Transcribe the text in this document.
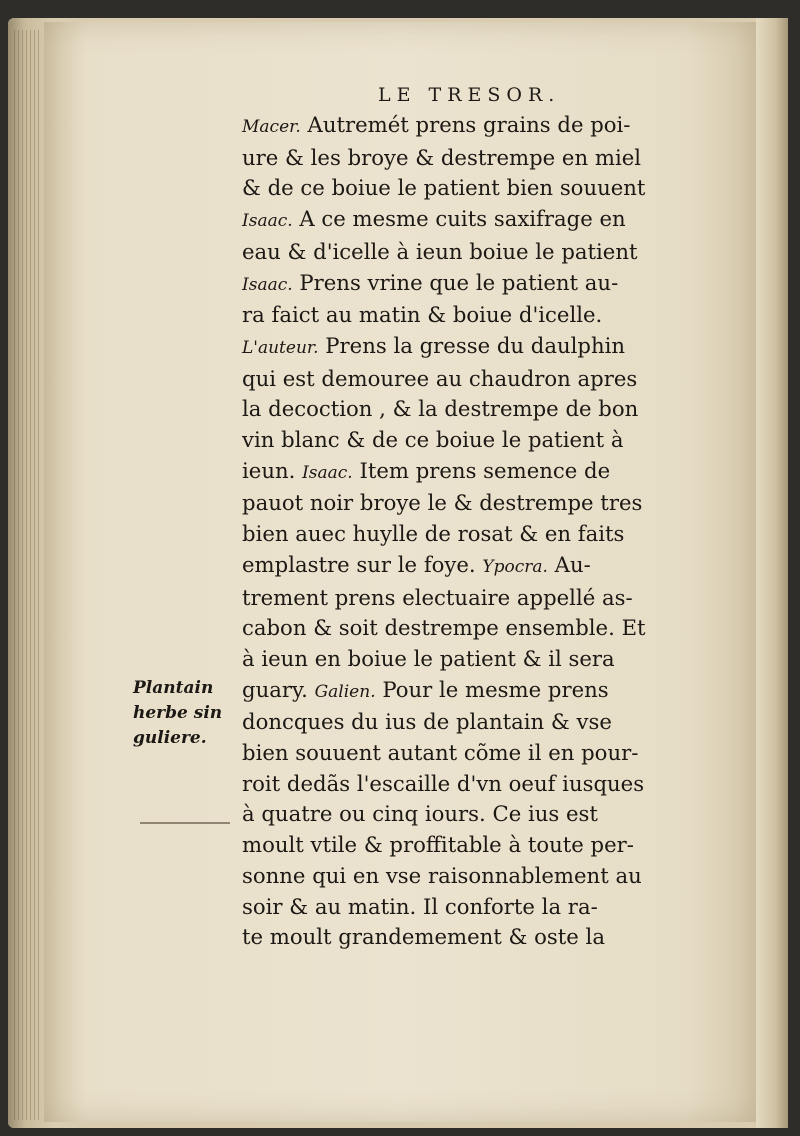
LE TRESOR.
Macer. Autremét prens grains de poi-
ure & les broye & destrempe en miel
& de ce boiue le patient bien souuent
Isaac. A ce mesme cuits saxifrage en
eau & d'icelle à ieun boiue le patient
Isaac. Prens vrine que le patient au-
ra faict au matin & boiue d'icelle.
L'auteur. Prens la gresse du daulphin
qui est demouree au chaudron apres
la decoction , & la destrempe de bon
vin blanc & de ce boiue le patient à
ieun. Isaac. Item prens semence de
pauot noir broye le & destrempe tres
bien auec huylle de rosat & en faits
emplastre sur le foye. Ypocra. Au-
trement prens electuaire appellé as-
cabon & soit destrempe ensemble. Et
à ieun en boiue le patient & il sera
guary. Galien. Pour le mesme prens
doncques du ius de plantain & vse
bien souuent autant cõme il en pour-
roit dedãs l'escaille d'vn oeuf iusques
à quatre ou cinq iours. Ce ius est
moult vtile & proffitable à toute per-
sonne qui en vse raisonnablement au
soir & au matin. Il conforte la ra-
te moult grandemement & oste la
Plantain
herbe sin
guliere.
